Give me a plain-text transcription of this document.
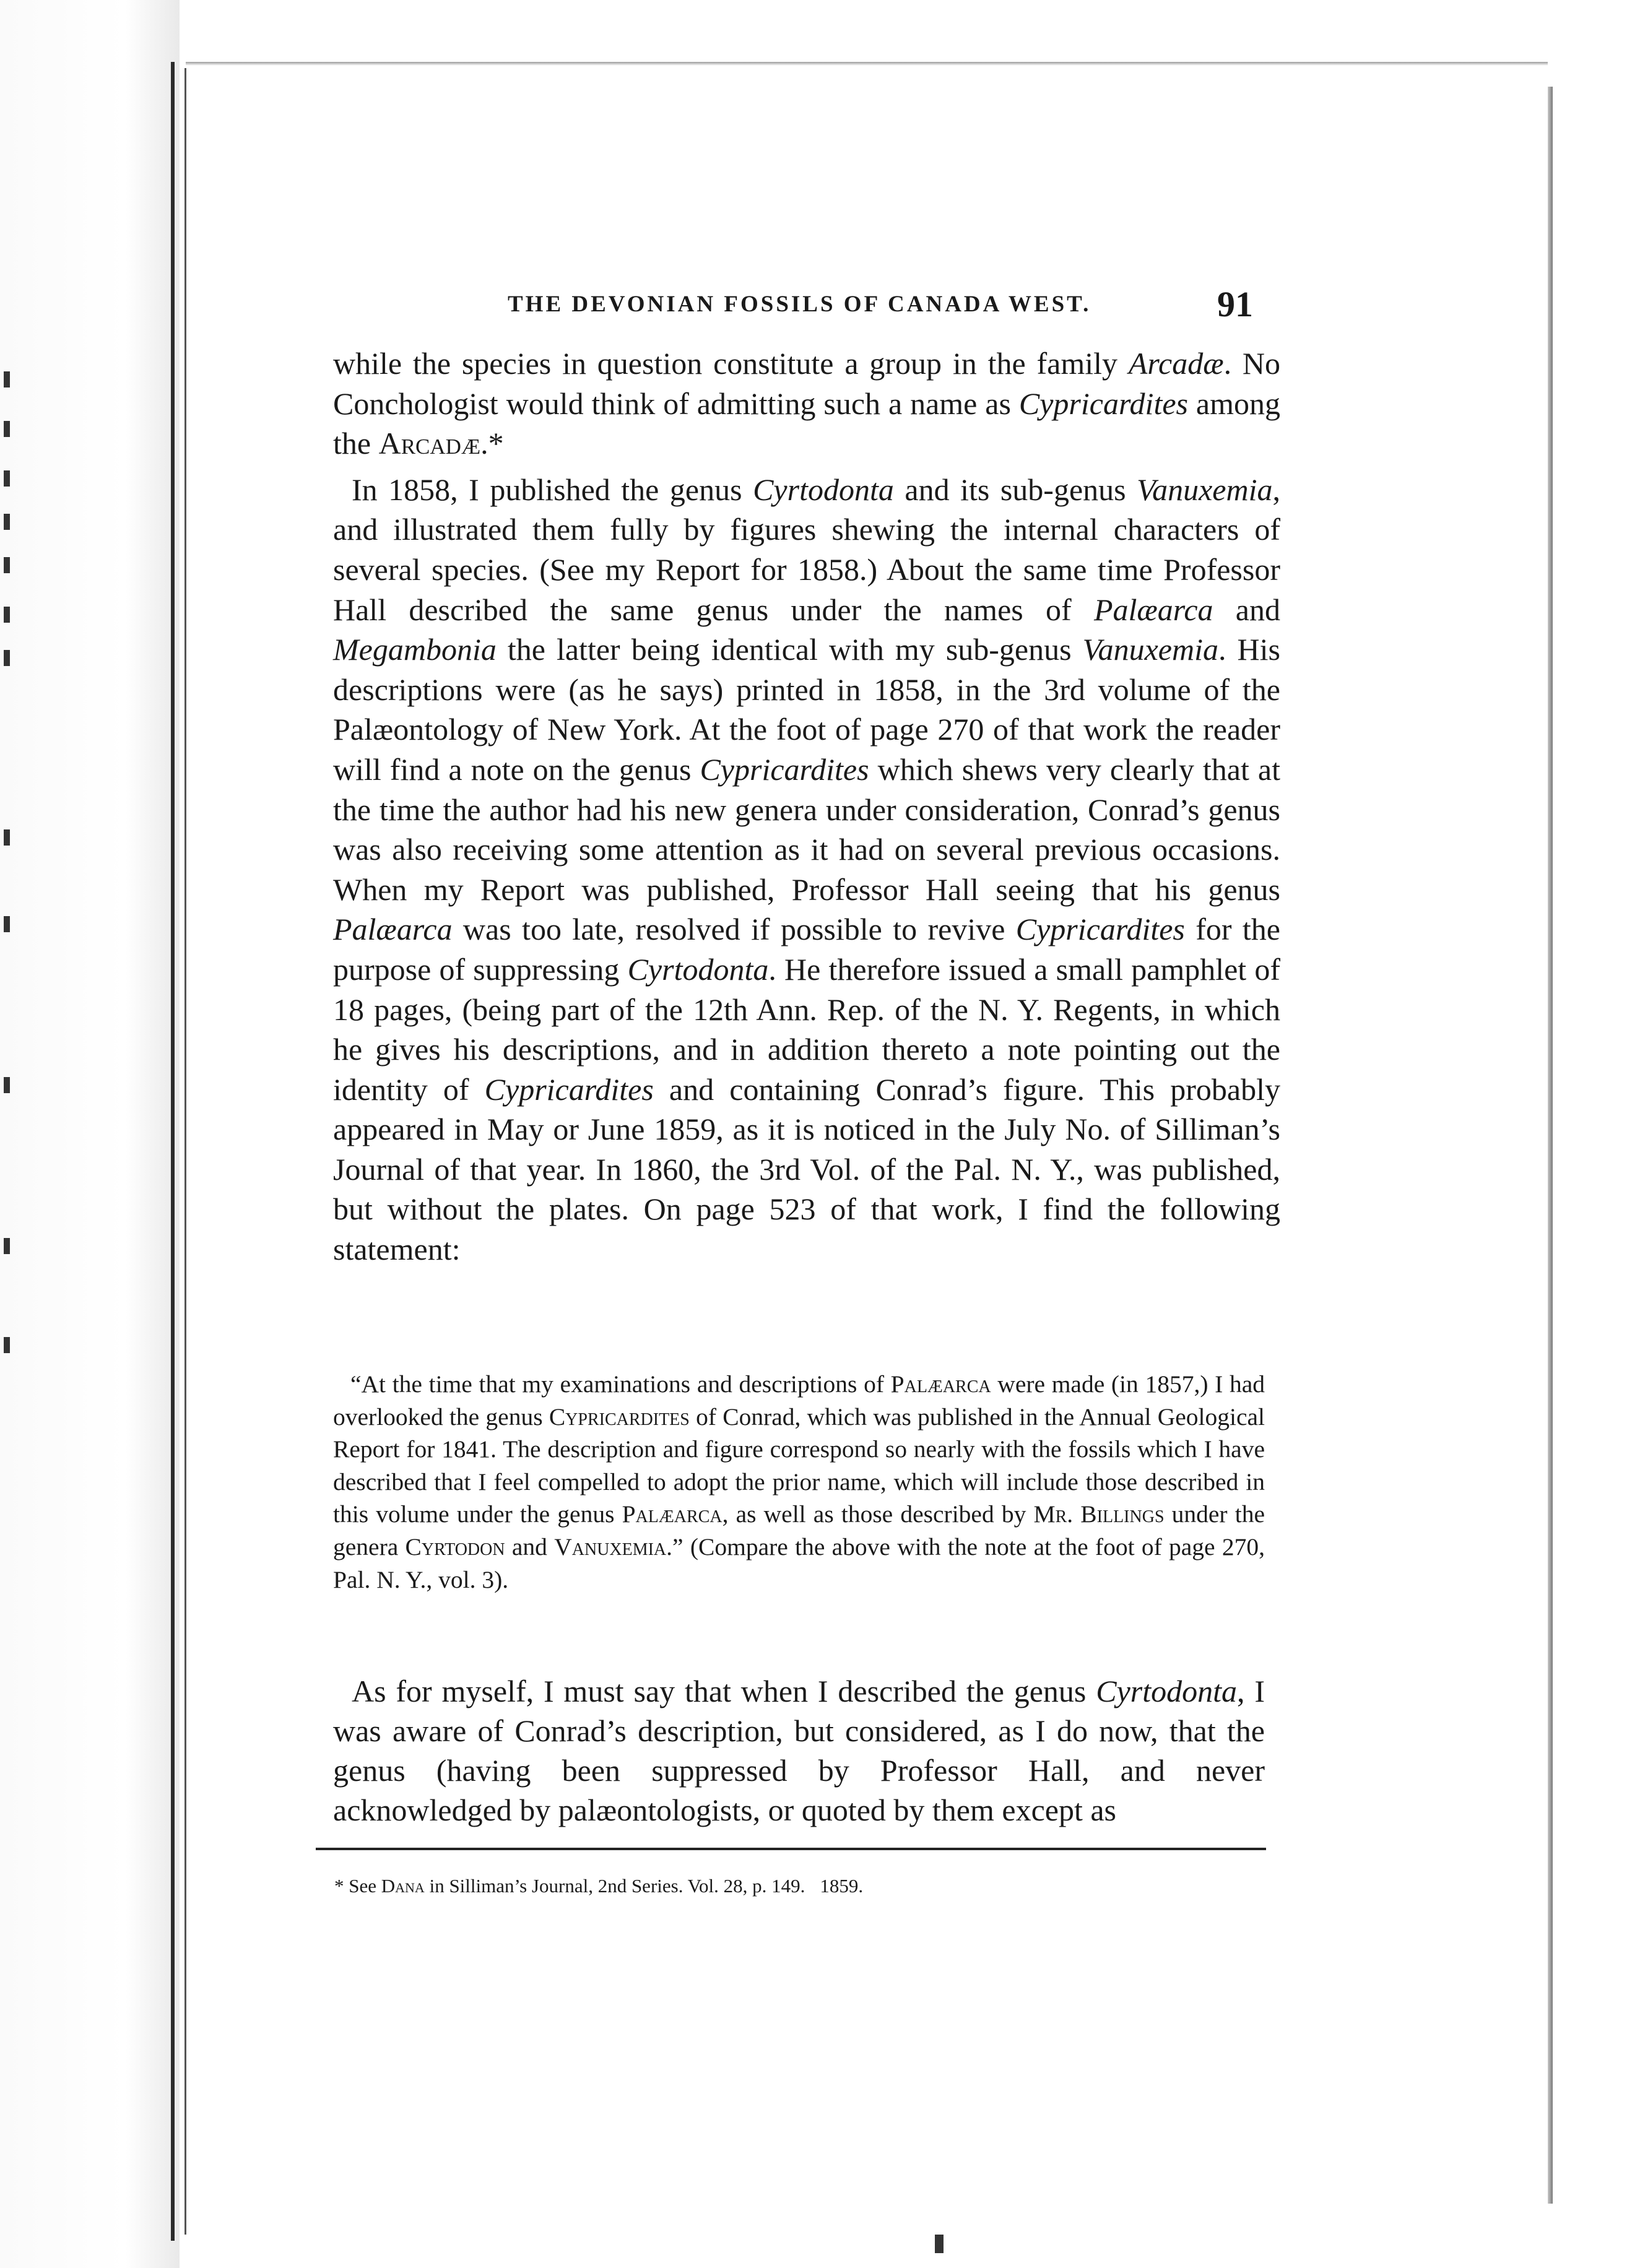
THE DEVONIAN FOSSILS OF CANADA WEST.	91

while the species in question constitute a group in the family Arcadæ. No Conchologist would think of admitting such a name as Cypricardites among the Arcadæ.*

In 1858, I published the genus Cyrtodonta and its sub-genus Vanuxemia, and illustrated them fully by figures shewing the internal characters of several species. (See my Report for 1858.) About the same time Professor Hall described the same genus under the names of Palæarca and Megambonia the latter being identical with my sub-genus Vanuxemia. His descriptions were (as he says) printed in 1858, in the 3rd volume of the Palæontology of New York. At the foot of page 270 of that work the reader will find a note on the genus Cypricardites which shews very clearly that at the time the author had his new genera under consideration, Conrad’s genus was also receiving some attention as it had on several previous occasions. When my Report was published, Professor Hall seeing that his genus Palæarca was too late, resolved if possible to revive Cypricardites for the purpose of suppressing Cyrtodonta. He therefore issued a small pamphlet of 18 pages, (being part of the 12th Ann. Rep. of the N. Y. Regents, in which he gives his descriptions, and in addition thereto a note pointing out the identity of Cypricardites and containing Conrad’s figure. This probably appeared in May or June 1859, as it is noticed in the July No. of Silliman’s Journal of that year. In 1860, the 3rd Vol. of the Pal. N. Y., was published, but without the plates. On page 523 of that work, I find the following statement:

“At the time that my examinations and descriptions of Palæarca were made (in 1857,) I had overlooked the genus Cypricardites of Conrad, which was published in the Annual Geological Report for 1841. The description and figure correspond so nearly with the fossils which I have described that I feel compelled to adopt the prior name, which will include those described in this volume under the genus Palæarca, as well as those described by Mr. Billings under the genera Cyrtodon and Vanuxemia.” (Compare the above with the note at the foot of page 270, Pal. N. Y., vol. 3).

As for myself, I must say that when I described the genus Cyrtodonta, I was aware of Conrad’s description, but considered, as I do now, that the genus (having been suppressed by Professor Hall, and never acknowledged by palæontologists, or quoted by them except as

* See Dana in Silliman’s Journal, 2nd Series. Vol. 28, p. 149. 1859.
